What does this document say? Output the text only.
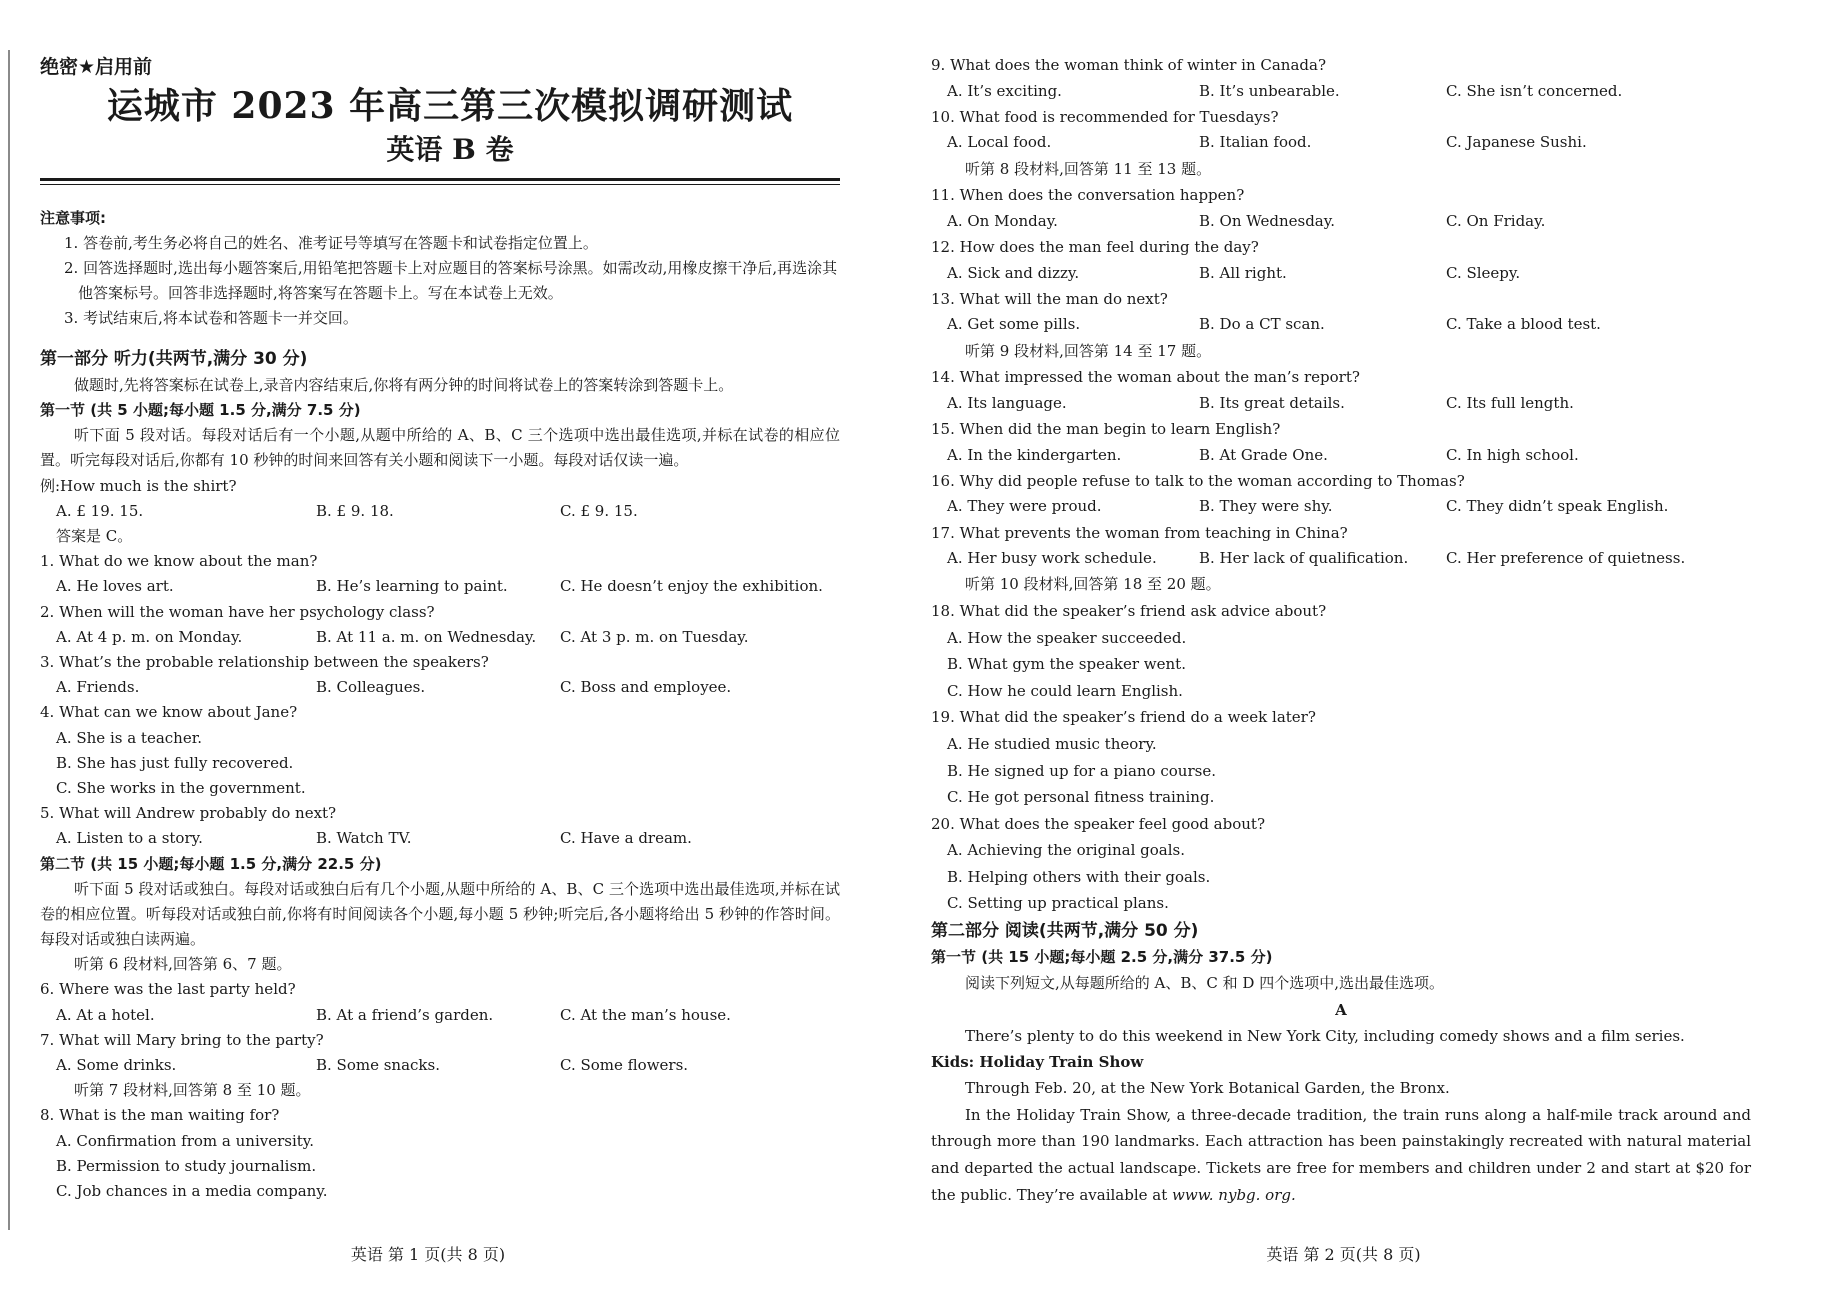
绝密★启用前
运城市 2023 年高三第三次模拟调研测试
英语 B 卷
注意事项:
1. 答卷前,考生务必将自己的姓名、准考证号等填写在答题卡和试卷指定位置上。
2. 回答选择题时,选出每小题答案后,用铅笔把答题卡上对应题目的答案标号涂黑。如需改动,用橡皮擦干净后,再选涂其他答案标号。回答非选择题时,将答案写在答题卡上。写在本试卷上无效。
3. 考试结束后,将本试卷和答题卡一并交回。
第一部分 听力(共两节,满分 30 分)
做题时,先将答案标在试卷上,录音内容结束后,你将有两分钟的时间将试卷上的答案转涂到答题卡上。
第一节 (共 5 小题;每小题 1.5 分,满分 7.5 分)
听下面 5 段对话。每段对话后有一个小题,从题中所给的 A、B、C 三个选项中选出最佳选项,并标在试卷的相应位置。听完每段对话后,你都有 10 秒钟的时间来回答有关小题和阅读下一小题。每段对话仅读一遍。
例:How much is the shirt?
A. £ 19. 15.	B. £ 9. 18.	C. £ 9. 15.
答案是 C。
1. What do we know about the man?
A. He loves art.	B. He’s learning to paint.	C. He doesn’t enjoy the exhibition.
2. When will the woman have her psychology class?
A. At 4 p. m. on Monday.	B. At 11 a. m. on Wednesday.	C. At 3 p. m. on Tuesday.
3. What’s the probable relationship between the speakers?
A. Friends.	B. Colleagues.	C. Boss and employee.
4. What can we know about Jane?
A. She is a teacher.
B. She has just fully recovered.
C. She works in the government.
5. What will Andrew probably do next?
A. Listen to a story.	B. Watch TV.	C. Have a dream.
第二节 (共 15 小题;每小题 1.5 分,满分 22.5 分)
听下面 5 段对话或独白。每段对话或独白后有几个小题,从题中所给的 A、B、C 三个选项中选出最佳选项,并标在试卷的相应位置。听每段对话或独白前,你将有时间阅读各个小题,每小题 5 秒钟;听完后,各小题将给出 5 秒钟的作答时间。每段对话或独白读两遍。
听第 6 段材料,回答第 6、7 题。
6. Where was the last party held?
A. At a hotel.	B. At a friend’s garden.	C. At the man’s house.
7. What will Mary bring to the party?
A. Some drinks.	B. Some snacks.	C. Some flowers.
听第 7 段材料,回答第 8 至 10 题。
8. What is the man waiting for?
A. Confirmation from a university.
B. Permission to study journalism.
C. Job chances in a media company.
英语 第 1 页(共 8 页)
9. What does the woman think of winter in Canada?
A. It’s exciting.	B. It’s unbearable.	C. She isn’t concerned.
10. What food is recommended for Tuesdays?
A. Local food.	B. Italian food.	C. Japanese Sushi.
听第 8 段材料,回答第 11 至 13 题。
11. When does the conversation happen?
A. On Monday.	B. On Wednesday.	C. On Friday.
12. How does the man feel during the day?
A. Sick and dizzy.	B. All right.	C. Sleepy.
13. What will the man do next?
A. Get some pills.	B. Do a CT scan.	C. Take a blood test.
听第 9 段材料,回答第 14 至 17 题。
14. What impressed the woman about the man’s report?
A. Its language.	B. Its great details.	C. Its full length.
15. When did the man begin to learn English?
A. In the kindergarten.	B. At Grade One.	C. In high school.
16. Why did people refuse to talk to the woman according to Thomas?
A. They were proud.	B. They were shy.	C. They didn’t speak English.
17. What prevents the woman from teaching in China?
A. Her busy work schedule.	B. Her lack of qualification.	C. Her preference of quietness.
听第 10 段材料,回答第 18 至 20 题。
18. What did the speaker’s friend ask advice about?
A. How the speaker succeeded.
B. What gym the speaker went.
C. How he could learn English.
19. What did the speaker’s friend do a week later?
A. He studied music theory.
B. He signed up for a piano course.
C. He got personal fitness training.
20. What does the speaker feel good about?
A. Achieving the original goals.
B. Helping others with their goals.
C. Setting up practical plans.
第二部分 阅读(共两节,满分 50 分)
第一节 (共 15 小题;每小题 2.5 分,满分 37.5 分)
阅读下列短文,从每题所给的 A、B、C 和 D 四个选项中,选出最佳选项。
A
There’s plenty to do this weekend in New York City, including comedy shows and a film series.
Kids: Holiday Train Show
Through Feb. 20, at the New York Botanical Garden, the Bronx.
In the Holiday Train Show, a three-decade tradition, the train runs along a half-mile track around and through more than 190 landmarks. Each attraction has been painstakingly recreated with natural material and departed the actual landscape. Tickets are free for members and children under 2 and start at $20 for the public. They’re available at www. nybg. org.
英语 第 2 页(共 8 页)
